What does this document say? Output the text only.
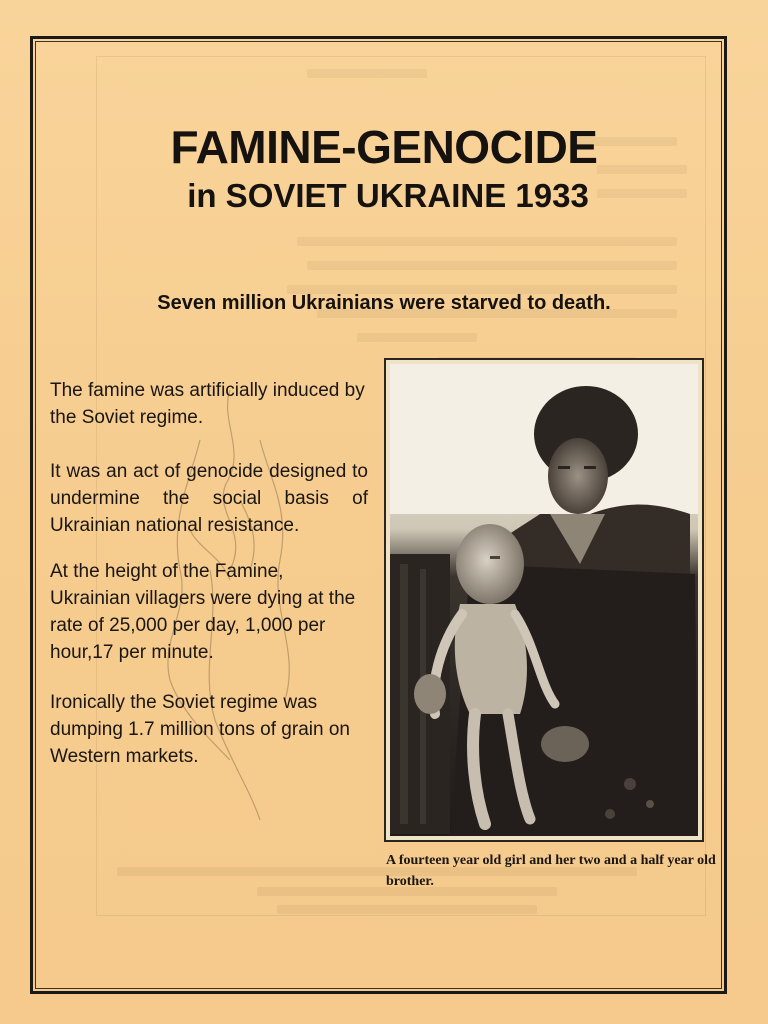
FAMINE-GENOCIDE
in SOVIET UKRAINE 1933
Seven million Ukrainians were starved to death.

The famine was artificially induced by the Soviet regime.

It was an act of genocide designed to undermine the social basis of Ukrainian national resistance.

At the height of the Famine, Ukrainian villagers were dying at the rate of 25,000 per day, 1,000 per hour,17 per minute.

Ironically the Soviet regime was dumping 1.7 million tons of grain on Western markets.

A fourteen year old girl and her two and a half year old brother.
